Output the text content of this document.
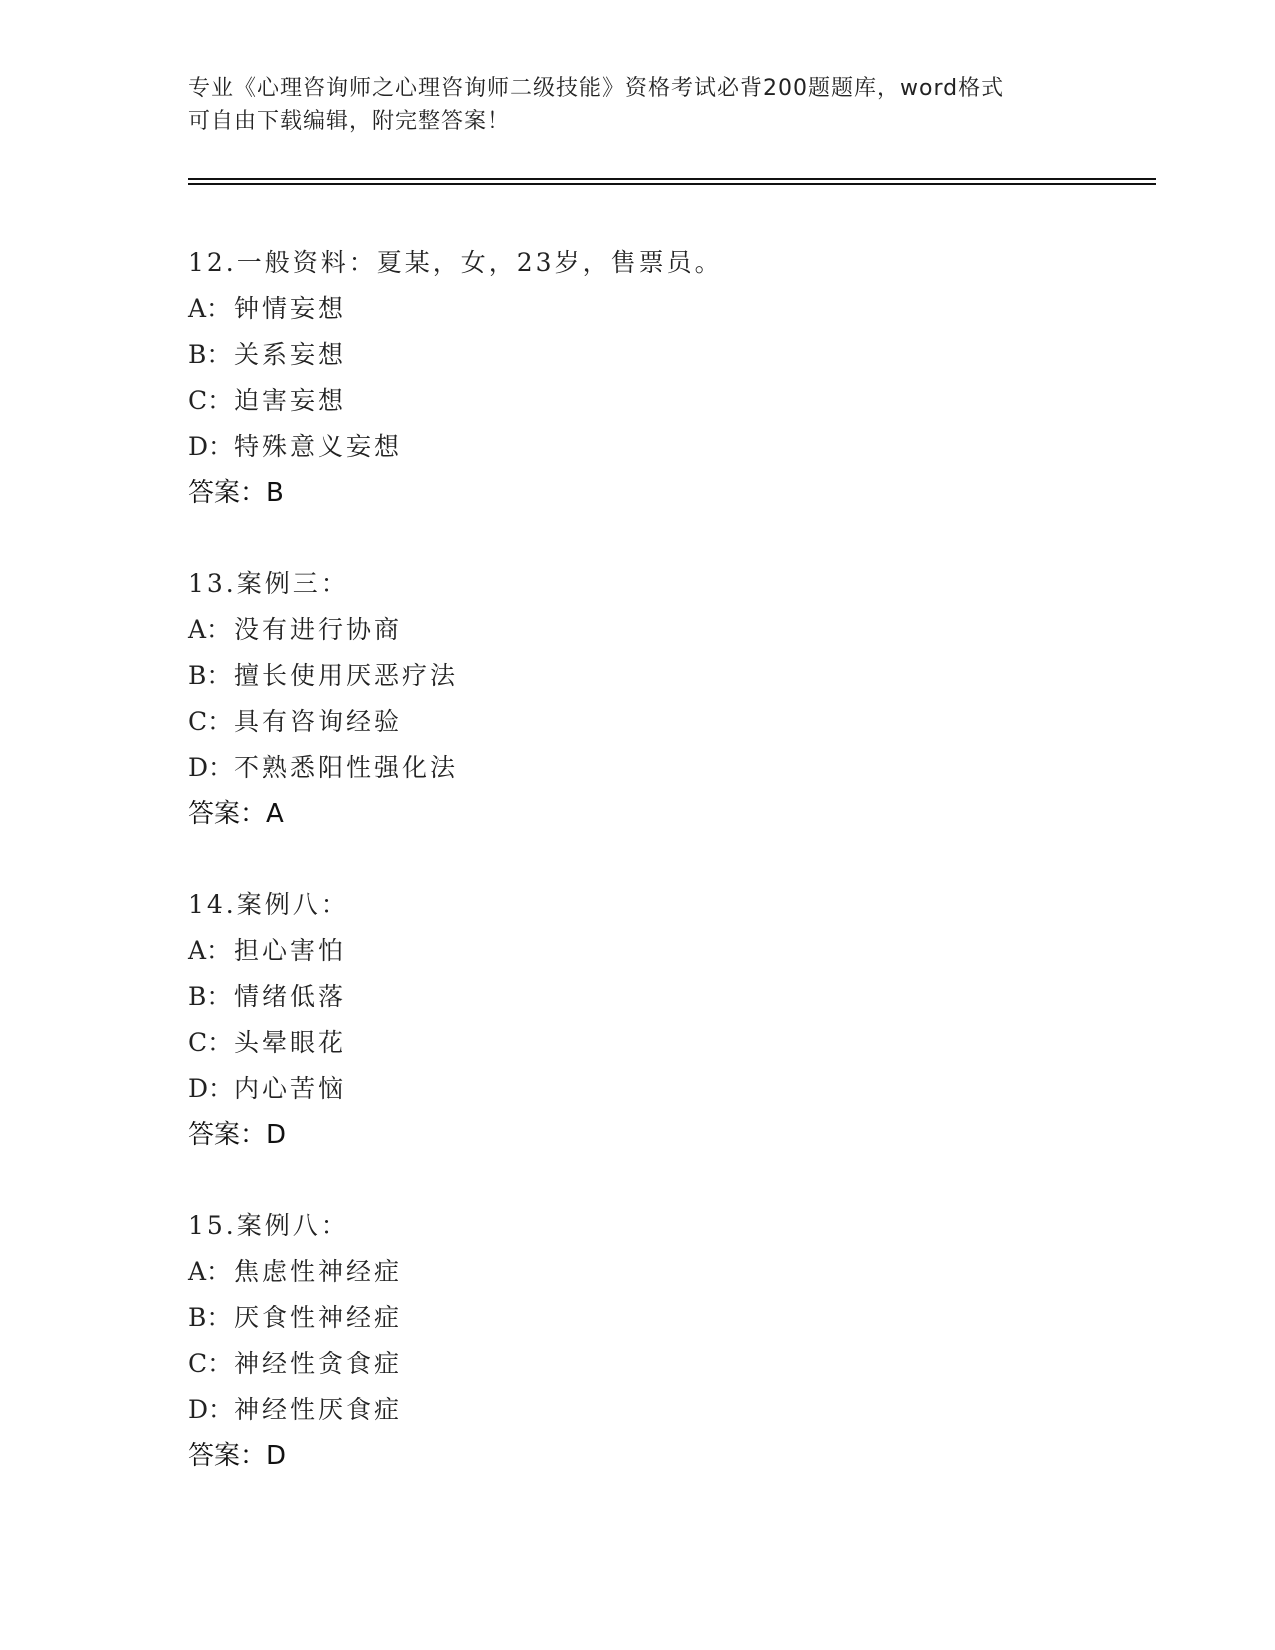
专业《心理咨询师之心理咨询师二级技能》资格考试必背200题题库，word格式
可自由下载编辑，附完整答案！
12.一般资料：夏某，女，23岁，售票员。
A： 钟情妄想
B： 关系妄想
C：迫害妄想
D：特殊意义妄想
答案：B
13.案例三：
A： 没有进行协商
B： 擅长使用厌恶疗法
C：具有咨询经验
D：不熟悉阳性强化法
答案：A
14.案例八：
A： 担心害怕
B： 情绪低落
C：头晕眼花
D：内心苦恼
答案：D
15.案例八：
A： 焦虑性神经症
B： 厌食性神经症
C：神经性贪食症
D：神经性厌食症
答案：D
